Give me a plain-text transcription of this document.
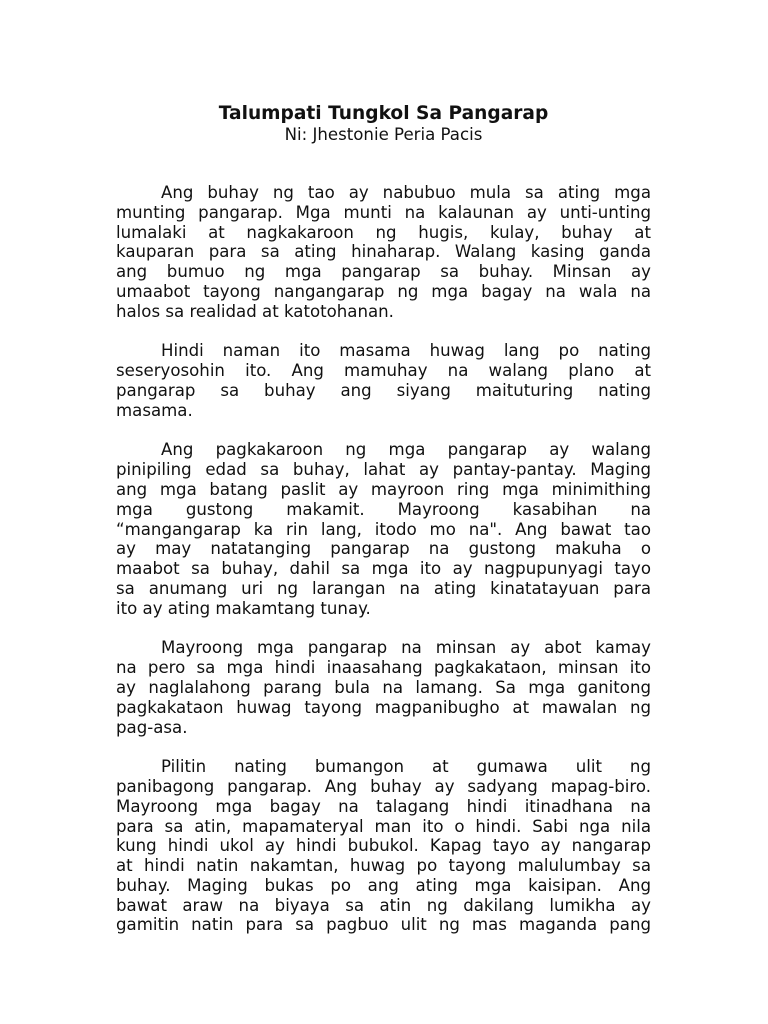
Talumpati Tungkol Sa Pangarap

Ni: Jhestonie Peria Pacis

Ang buhay ng tao ay nabubuo mula sa ating mga
munting pangarap. Mga munti na kalaunan ay unti-unting
lumalaki at nagkakaroon ng hugis, kulay, buhay at
kauparan para sa ating hinaharap. Walang kasing ganda
ang bumuo ng mga pangarap sa buhay. Minsan ay
umaabot tayong nangangarap ng mga bagay na wala na
halos sa realidad at katotohanan.
Hindi naman ito masama huwag lang po nating
seseryosohin ito. Ang mamuhay na walang plano at
pangarap sa buhay ang siyang maituturing nating
masama.
Ang pagkakaroon ng mga pangarap ay walang
pinipiling edad sa buhay, lahat ay pantay-pantay. Maging
ang mga batang paslit ay mayroon ring mga minimithing
mga gustong makamit. Mayroong kasabihan na
“mangangarap ka rin lang, itodo mo na". Ang bawat tao
ay may natatanging pangarap na gustong makuha o
maabot sa buhay, dahil sa mga ito ay nagpupunyagi tayo
sa anumang uri ng larangan na ating kinatatayuan para
ito ay ating makamtang tunay.
Mayroong mga pangarap na minsan ay abot kamay
na pero sa mga hindi inaasahang pagkakataon, minsan ito
ay naglalahong parang bula na lamang. Sa mga ganitong
pagkakataon huwag tayong magpanibugho at mawalan ng
pag-asa.
Pilitin nating bumangon at gumawa ulit ng
panibagong pangarap. Ang buhay ay sadyang mapag-biro.
Mayroong mga bagay na talagang hindi itinadhana na
para sa atin, mapamateryal man ito o hindi. Sabi nga nila
kung hindi ukol ay hindi bubukol. Kapag tayo ay nangarap
at hindi natin nakamtan, huwag po tayong malulumbay sa
buhay. Maging bukas po ang ating mga kaisipan. Ang
bawat araw na biyaya sa atin ng dakilang lumikha ay
gamitin natin para sa pagbuo ulit ng mas maganda pang
